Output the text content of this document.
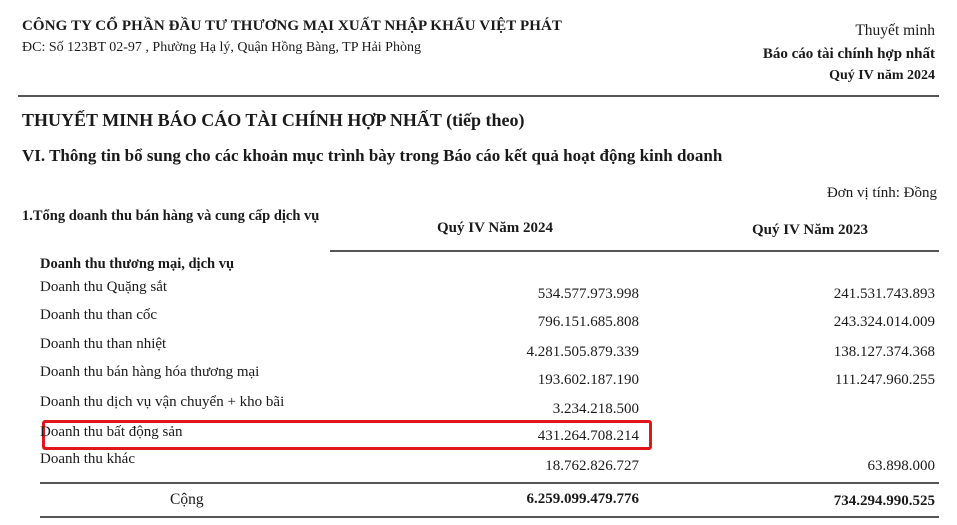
CÔNG TY CỔ PHẦN ĐẦU TƯ THƯƠNG MẠI XUẤT NHẬP KHẨU VIỆT PHÁT
ĐC: Số 123BT 02-97 , Phường Hạ lý, Quận Hồng Bàng, TP Hải Phòng
Thuyết minh
Báo cáo tài chính hợp nhất
Quý IV năm 2024
THUYẾT MINH BÁO CÁO TÀI CHÍNH HỢP NHẤT (tiếp theo)
VI. Thông tin bổ sung cho các khoản mục trình bày trong Báo cáo kết quả hoạt động kinh doanh
Đơn vị tính: Đồng
1.Tổng doanh thu bán hàng và cung cấp dịch vụ
Quý IV Năm 2024	Quý IV Năm 2023
Doanh thu thương mại, dịch vụ
Doanh thu Quặng sắt	534.577.973.998	241.531.743.893
Doanh thu than cốc	796.151.685.808	243.324.014.009
Doanh thu than nhiệt	4.281.505.879.339	138.127.374.368
Doanh thu bán hàng hóa thương mại	193.602.187.190	111.247.960.255
Doanh thu dịch vụ vận chuyển + kho bãi	3.234.218.500
Doanh thu bất động sản	431.264.708.214
Doanh thu khác	18.762.826.727	63.898.000
Cộng	6.259.099.479.776	734.294.990.525
